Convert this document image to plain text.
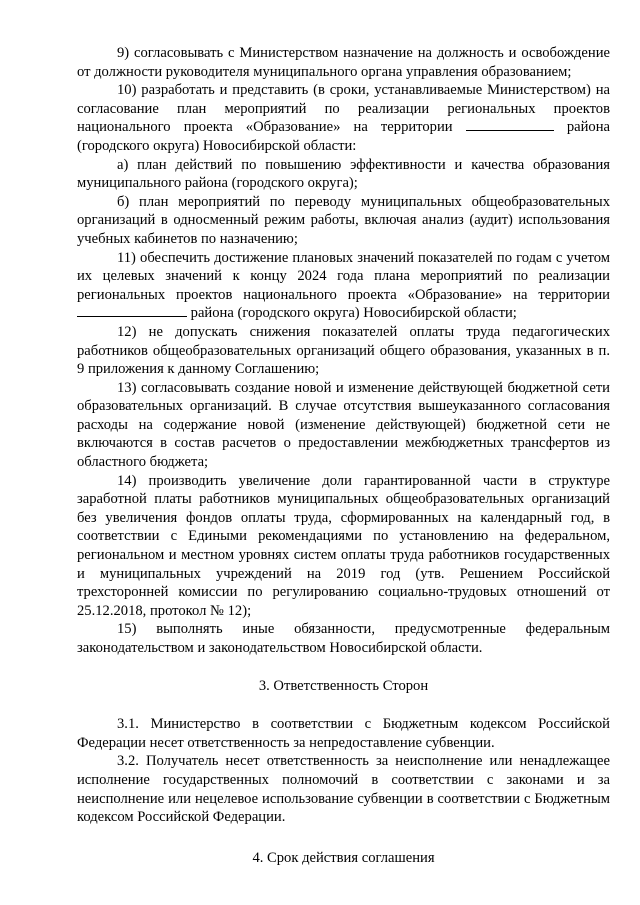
9) согласовывать с Министерством назначение на должность и освобождение от должности руководителя муниципального органа управления образованием;

10) разработать и представить (в сроки, устанавливаемые Министерством) на согласование план мероприятий по реализации региональных проектов национального проекта «Образование» на территории	района (городского округа) Новосибирской области:

а) план действий по повышению эффективности и качества образования муниципального района (городского округа);

б) план мероприятий по переводу муниципальных общеобразовательных организаций в односменный режим работы, включая анализ (аудит) использования учебных кабинетов по назначению;

11) обеспечить достижение плановых значений показателей по годам с учетом их целевых значений к концу 2024 года плана мероприятий по реализации региональных проектов национального проекта «Образование» на территории  района (городского округа) Новосибирской области;

12) не допускать снижения показателей оплаты труда педагогических работников общеобразовательных организаций общего образования, указанных в п. 9 приложения к данному Соглашению;

13) согласовывать создание новой и изменение действующей бюджетной сети образовательных организаций. В случае отсутствия вышеуказанного согласования расходы на содержание новой (изменение действующей) бюджетной сети не включаются в состав расчетов о предоставлении межбюджетных трансфертов из областного бюджета;

14) производить увеличение доли гарантированной части в структуре заработной платы работников муниципальных общеобразовательных организаций без увеличения фондов оплаты труда, сформированных на календарный год, в соответствии с Едиными рекомендациями по установлению на федеральном, региональном и местном уровнях систем оплаты труда работников государственных и муниципальных учреждений на 2019 год (утв. Решением Российской трехсторонней комиссии по регулированию социально-трудовых отношений от 25.12.2018, протокол № 12);

15) выполнять иные обязанности, предусмотренные федеральным законодательством и законодательством Новосибирской области.

3. Ответственность Сторон

3.1. Министерство в соответствии с Бюджетным кодексом Российской Федерации несет ответственность за непредоставление субвенции.

3.2. Получатель несет ответственность за неисполнение или ненадлежащее исполнение государственных полномочий в соответствии с законами и за неисполнение или нецелевое использование субвенции в соответствии с Бюджетным кодексом Российской Федерации.

4. Срок действия соглашения
